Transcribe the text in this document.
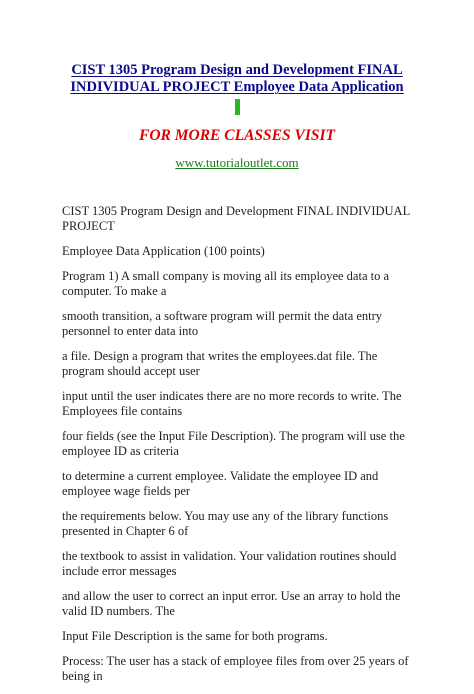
CIST 1305 Program Design and Development FINAL
INDIVIDUAL PROJECT Employee Data Application
FOR MORE CLASSES VISIT
www.tutorialoutlet.com

CIST 1305 Program Design and Development FINAL INDIVIDUAL PROJECT

Employee Data Application (100 points)

Program 1) A small company is moving all its employee data to a computer. To make a

smooth transition, a software program will permit the data entry personnel to enter data into

a file. Design a program that writes the employees.dat file. The program should accept user

input until the user indicates there are no more records to write. The Employees file contains

four fields (see the Input File Description). The program will use the employee ID as criteria

to determine a current employee. Validate the employee ID and employee wage fields per

the requirements below. You may use any of the library functions presented in Chapter 6 of

the textbook to assist in validation. Your validation routines should include error messages

and allow the user to correct an input error. Use an array to hold the valid ID numbers. The

Input File Description is the same for both programs.

Process: The user has a stack of employee files from over 25 years of being in
